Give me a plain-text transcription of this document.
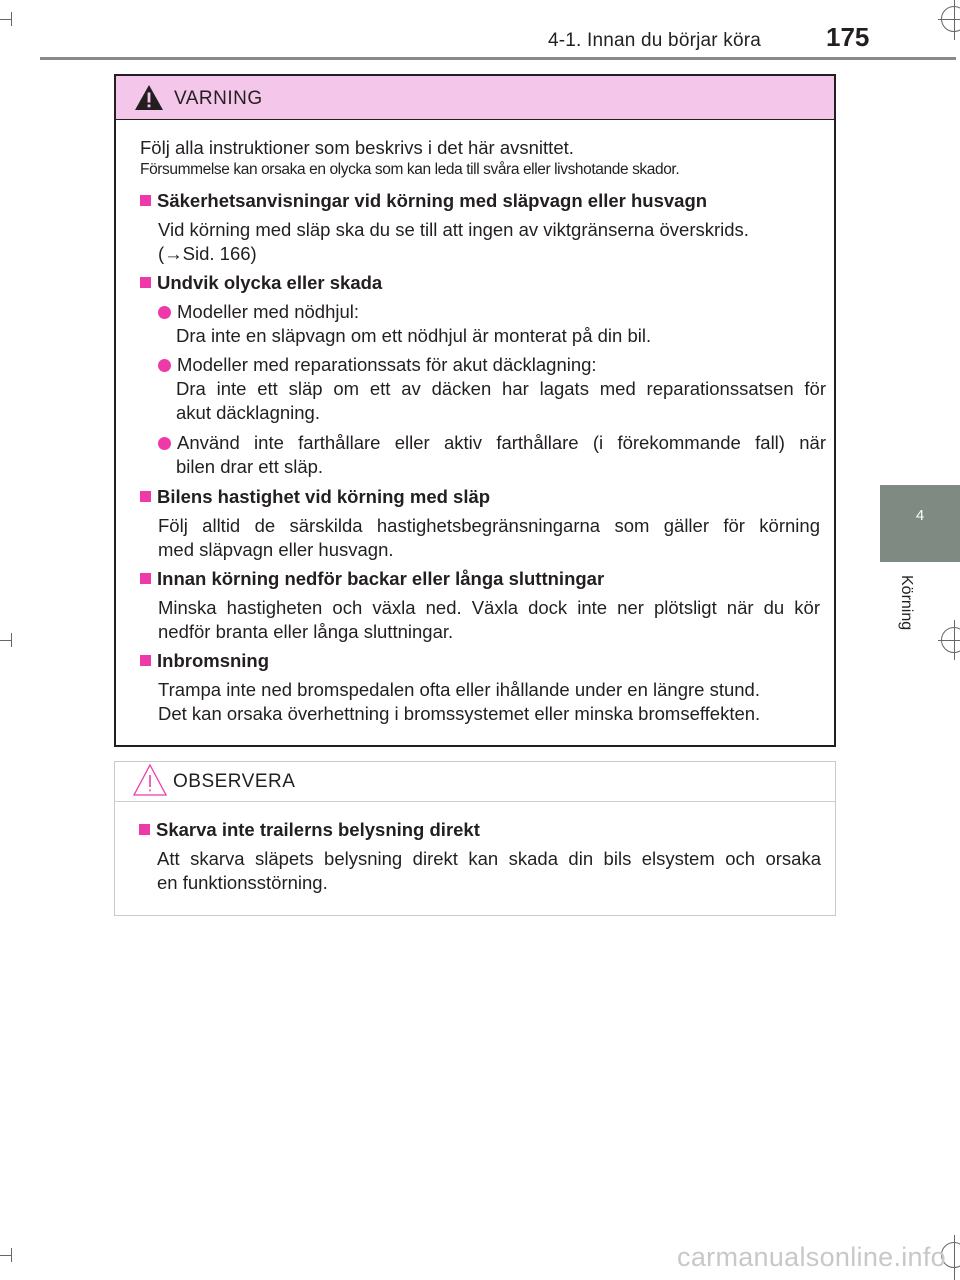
4-1. Innan du börjar köra 175
4
Körning
VARNING
Följ alla instruktioner som beskrivs i det här avsnittet.
Försummelse kan orsaka en olycka som kan leda till svåra eller livshotande skador.
Säkerhetsanvisningar vid körning med släpvagn eller husvagn
Vid körning med släp ska du se till att ingen av viktgränserna överskrids.
(→Sid. 166)
Undvik olycka eller skada
Modeller med nödhjul:
Dra inte en släpvagn om ett nödhjul är monterat på din bil.
Modeller med reparationssats för akut däcklagning:
Dra inte ett släp om ett av däcken har lagats med reparationssatsen för
akut däcklagning.
Använd inte farthållare eller aktiv farthållare (i förekommande fall) när
bilen drar ett släp.
Bilens hastighet vid körning med släp
Följ alltid de särskilda hastighetsbegränsningarna som gäller för körning
med släpvagn eller husvagn.
Innan körning nedför backar eller långa sluttningar
Minska hastigheten och växla ned. Växla dock inte ner plötsligt när du kör
nedför branta eller långa sluttningar.
Inbromsning
Trampa inte ned bromspedalen ofta eller ihållande under en längre stund.
Det kan orsaka överhettning i bromssystemet eller minska bromseffekten.
OBSERVERA
Skarva inte trailerns belysning direkt
Att skarva släpets belysning direkt kan skada din bils elsystem och orsaka
en funktionsstörning.
carmanualsonline.info
